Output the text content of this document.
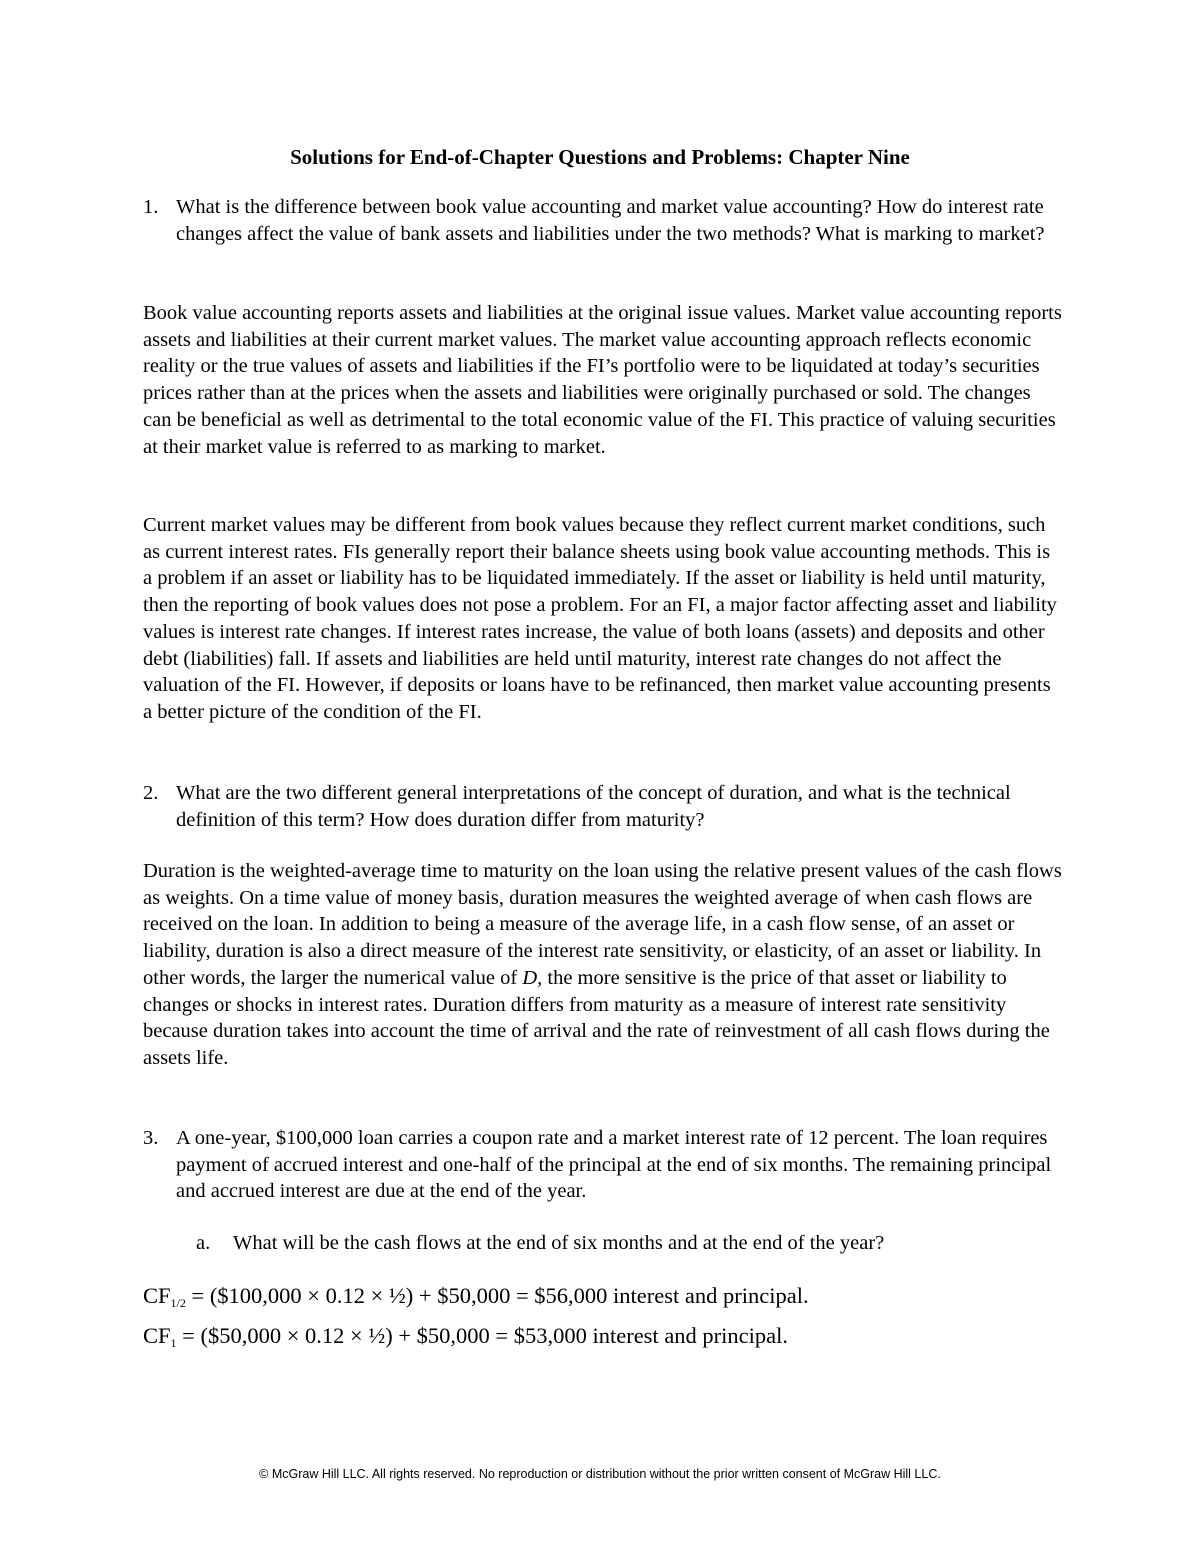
Solutions for End-of-Chapter Questions and Problems: Chapter Nine
1. What is the difference between book value accounting and market value accounting? How do interest rate changes affect the value of bank assets and liabilities under the two methods? What is marking to market?
Book value accounting reports assets and liabilities at the original issue values. Market value accounting reports assets and liabilities at their current market values. The market value accounting approach reflects economic reality or the true values of assets and liabilities if the FI’s portfolio were to be liquidated at today’s securities prices rather than at the prices when the assets and liabilities were originally purchased or sold. The changes can be beneficial as well as detrimental to the total economic value of the FI. This practice of valuing securities at their market value is referred to as marking to market.
Current market values may be different from book values because they reflect current market conditions, such as current interest rates. FIs generally report their balance sheets using book value accounting methods. This is a problem if an asset or liability has to be liquidated immediately. If the asset or liability is held until maturity, then the reporting of book values does not pose a problem. For an FI, a major factor affecting asset and liability values is interest rate changes. If interest rates increase, the value of both loans (assets) and deposits and other debt (liabilities) fall. If assets and liabilities are held until maturity, interest rate changes do not affect the valuation of the FI. However, if deposits or loans have to be refinanced, then market value accounting presents a better picture of the condition of the FI.
2. What are the two different general interpretations of the concept of duration, and what is the technical definition of this term? How does duration differ from maturity?
Duration is the weighted-average time to maturity on the loan using the relative present values of the cash flows as weights. On a time value of money basis, duration measures the weighted average of when cash flows are received on the loan. In addition to being a measure of the average life, in a cash flow sense, of an asset or liability, duration is also a direct measure of the interest rate sensitivity, or elasticity, of an asset or liability. In other words, the larger the numerical value of D, the more sensitive is the price of that asset or liability to changes or shocks in interest rates. Duration differs from maturity as a measure of interest rate sensitivity because duration takes into account the time of arrival and the rate of reinvestment of all cash flows during the assets life.
3. A one-year, $100,000 loan carries a coupon rate and a market interest rate of 12 percent. The loan requires payment of accrued interest and one-half of the principal at the end of six months. The remaining principal and accrued interest are due at the end of the year.
a. What will be the cash flows at the end of six months and at the end of the year?
$CF_{1/2}$ = ($100,000 × 0.12 × ½) + $50,000 = $56,000 interest and principal.
$CF_1$ = ($50,000 × 0.12 × ½) + $50,000 = $53,000 interest and principal.
© McGraw Hill LLC. All rights reserved. No reproduction or distribution without the prior written consent of McGraw Hill LLC.
